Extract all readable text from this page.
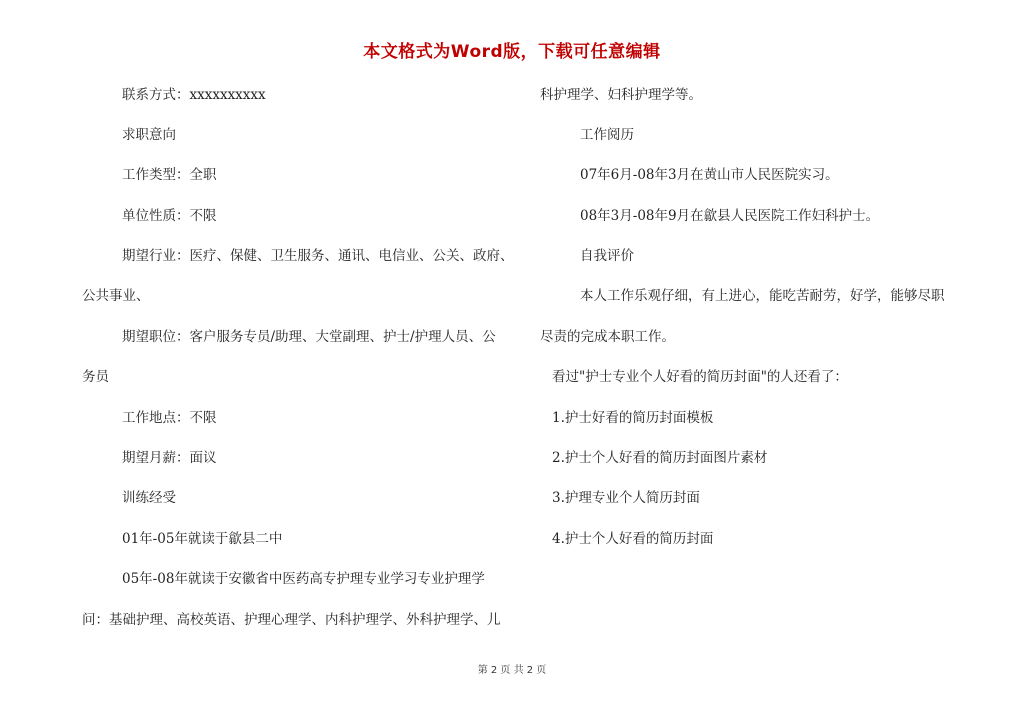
本文格式为Word版，下载可任意编辑
联系方式：xxxxxxxxxx
求职意向
工作类型：全职
单位性质：不限
期望行业：医疗、保健、卫生服务、通讯、电信业、公关、政府、
公共事业、
期望职位：客户服务专员/助理、大堂副理、护士/护理人员、公
务员
工作地点：不限
期望月薪：面议
训练经受
01年-05年就读于歙县二中
05年-08年就读于安徽省中医药高专护理专业学习专业护理学
问：基础护理、高校英语、护理心理学、内科护理学、外科护理学、儿
科护理学、妇科护理学等。
工作阅历
07年6月-08年3月在黄山市人民医院实习。
08年3月-08年9月在歙县人民医院工作妇科护士。
自我评价
本人工作乐观仔细，有上进心，能吃苦耐劳，好学，能够尽职
尽责的完成本职工作。
看过"护士专业个人好看的简历封面"的人还看了：
1.护士好看的简历封面模板
2.护士个人好看的简历封面图片素材
3.护理专业个人简历封面
4.护士个人好看的简历封面
第 2 页 共 2 页
